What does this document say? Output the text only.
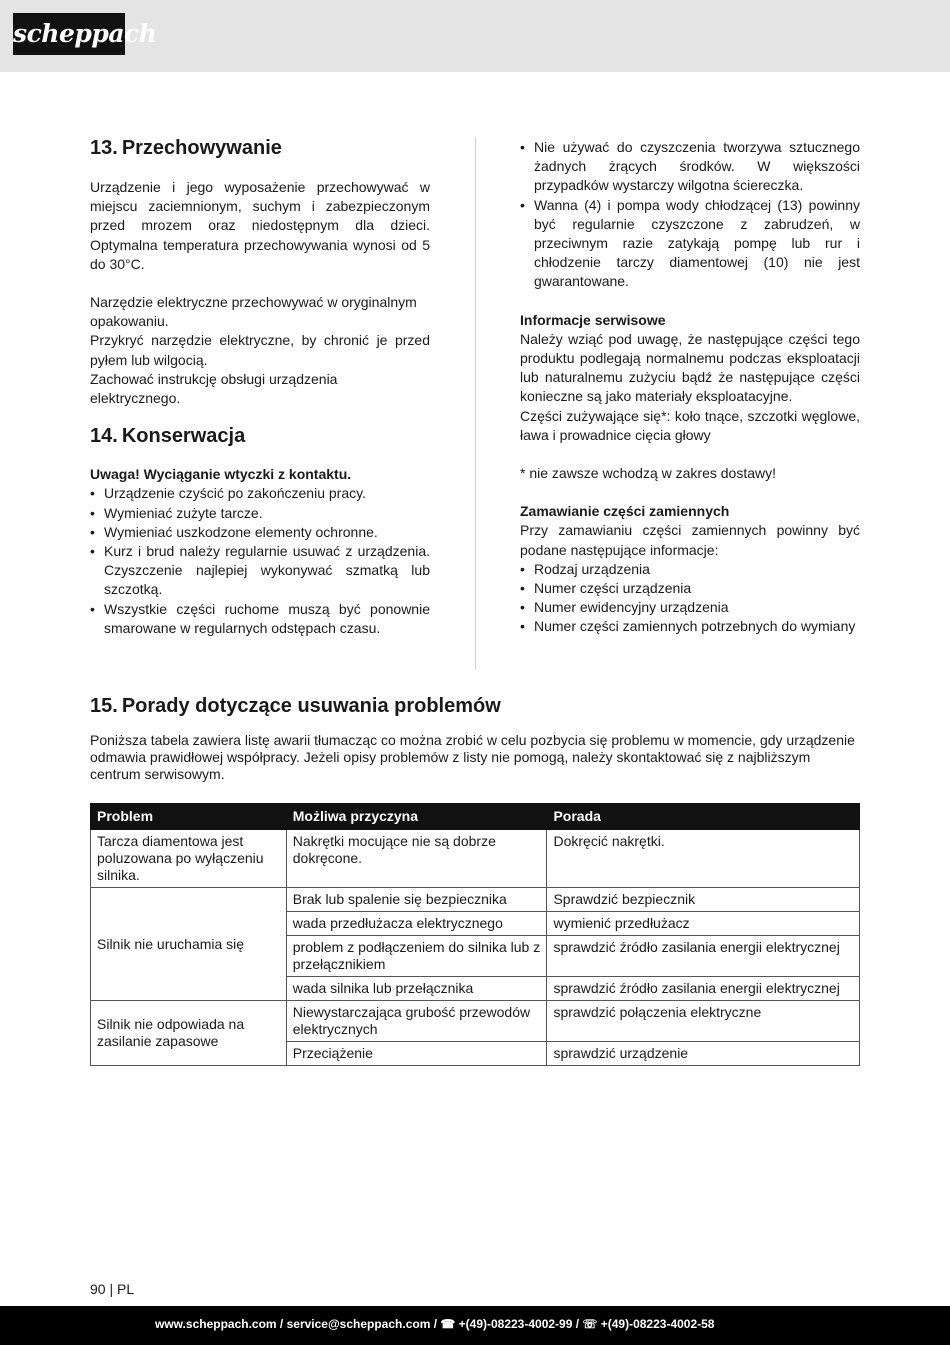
scheppach
13. Przechowywanie

Urządzenie i jego wyposażenie przechowywać w miejscu zaciemnionym, suchym i zabezpieczonym przed mrozem oraz niedostępnym dla dzieci. Optymalna temperatura przechowywania wynosi od 5 do 30°C.

Narzędzie elektryczne przechowywać w oryginalnym opakowaniu.

Przykryć narzędzie elektryczne, by chronić je przed pyłem lub wilgocią.

Zachować instrukcję obsługi urządzenia elektrycznego.

14. Konserwacja

Uwaga! Wyciąganie wtyczki z kontaktu.

• Urządzenie czyścić po zakończeniu pracy.
• Wymieniać zużyte tarcze.
• Wymieniać uszkodzone elementy ochronne.
• Kurz i brud należy regularnie usuwać z urządzenia. Czyszczenie najlepiej wykonywać szmatką lub szczotką.
• Wszystkie części ruchome muszą być ponownie smarowane w regularnych odstępach czasu.
• Nie używać do czyszczenia tworzywa sztucznego żadnych żrących środków. W większości przypadków wystarczy wilgotna ściereczka.
• Wanna (4) i pompa wody chłodzącej (13) powinny być regularnie czyszczone z zabrudzeń, w przeciwnym razie zatykają pompę lub rur i chłodzenie tarczy diamentowej (10) nie jest gwarantowane.

Informacje serwisowe

Należy wziąć pod uwagę, że następujące części tego produktu podlegają normalnemu podczas eksploatacji lub naturalnemu zużyciu bądź że następujące części konieczne są jako materiały eksploatacyjne.

Części zużywające się*: koło tnące, szczotki węglowe, ława i prowadnice cięcia głowy

* nie zawsze wchodzą w zakres dostawy!

Zamawianie części zamiennych

Przy zamawianiu części zamiennych powinny być podane następujące informacje:

• Rodzaj urządzenia
• Numer części urządzenia
• Numer ewidencyjny urządzenia
• Numer części zamiennych potrzebnych do wymiany
15. Porady dotyczące usuwania problemów

Poniższa tabela zawiera listę awarii tłumacząc co można zrobić w celu pozbycia się problemu w momencie, gdy urządzenie odmawia prawidłowej współpracy. Jeżeli opisy problemów z listy nie pomogą, należy skontaktować się z najbliższym centrum serwisowym.

Problem	Możliwa przyczyna	Porada
Tarcza diamentowa jest poluzowana po wyłączeniu silnika.	Nakrętki mocujące nie są dobrze dokręcone.	Dokręcić nakrętki.
Silnik nie uruchamia się	Brak lub spalenie się bezpiecznika	Sprawdzić bezpiecznik
	wada przedłużacza elektrycznego	wymienić przedłużacz
	problem z podłączeniem do silnika lub z przełącznikiem	sprawdzić źródło zasilania energii elektrycznej
	wada silnika lub przełącznika	sprawdzić źródło zasilania energii elektrycznej
Silnik nie odpowiada na zasilanie zapasowe	Niewystarczająca grubość przewodów elektrycznych	sprawdzić połączenia elektryczne
	Przeciążenie	sprawdzić urządzenie
90 | PL
www.scheppach.com / service@scheppach.com / ☎ +(49)-08223-4002-99 / ☏ +(49)-08223-4002-58
